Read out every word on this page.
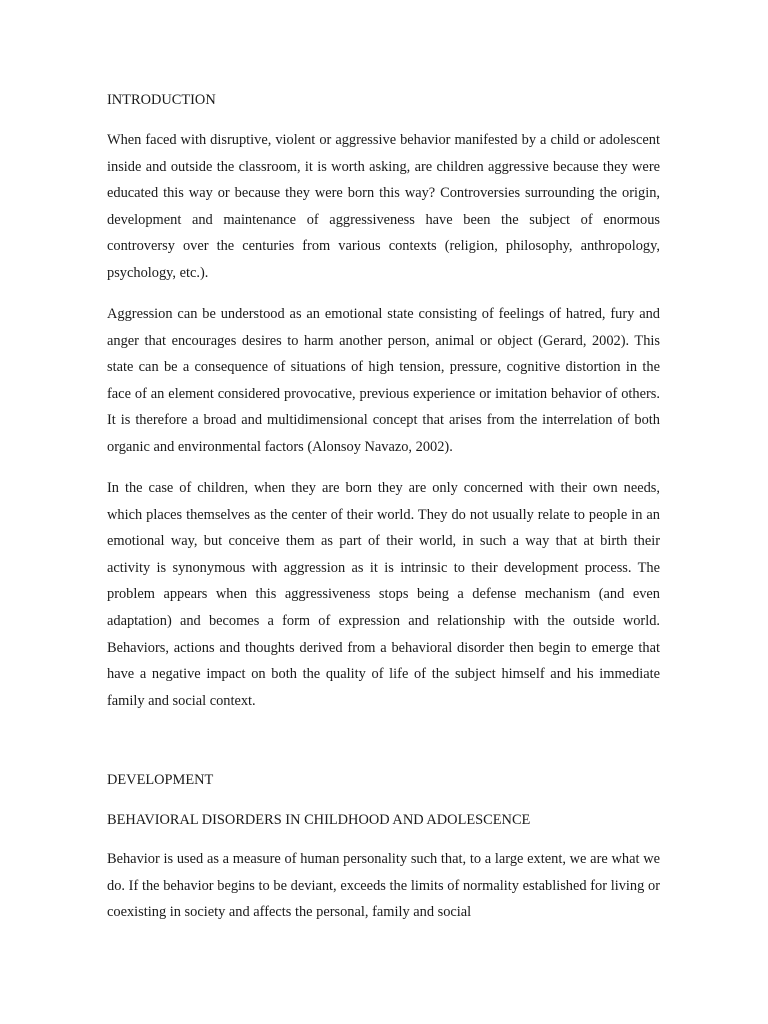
INTRODUCTION

When faced with disruptive, violent or aggressive behavior manifested by a child or adolescent inside and outside the classroom, it is worth asking, are children aggressive because they were educated this way or because they were born this way? Controversies surrounding the origin, development and maintenance of aggressiveness have been the subject of enormous controversy over the centuries from various contexts (religion, philosophy, anthropology, psychology, etc.).

Aggression can be understood as an emotional state consisting of feelings of hatred, fury and anger that encourages desires to harm another person, animal or object (Gerard, 2002). This state can be a consequence of situations of high tension, pressure, cognitive distortion in the face of an element considered provocative, previous experience or imitation behavior of others. It is therefore a broad and multidimensional concept that arises from the interrelation of both organic and environmental factors (Alonsoy Navazo, 2002).

In the case of children, when they are born they are only concerned with their own needs, which places themselves as the center of their world. They do not usually relate to people in an emotional way, but conceive them as part of their world, in such a way that at birth their activity is synonymous with aggression as it is intrinsic to their development process. The problem appears when this aggressiveness stops being a defense mechanism (and even adaptation) and becomes a form of expression and relationship with the outside world. Behaviors, actions and thoughts derived from a behavioral disorder then begin to emerge that have a negative impact on both the quality of life of the subject himself and his immediate family and social context.

DEVELOPMENT
BEHAVIORAL DISORDERS IN CHILDHOOD AND ADOLESCENCE

Behavior is used as a measure of human personality such that, to a large extent, we are what we do. If the behavior begins to be deviant, exceeds the limits of normality established for living or coexisting in society and affects the personal, family and social
